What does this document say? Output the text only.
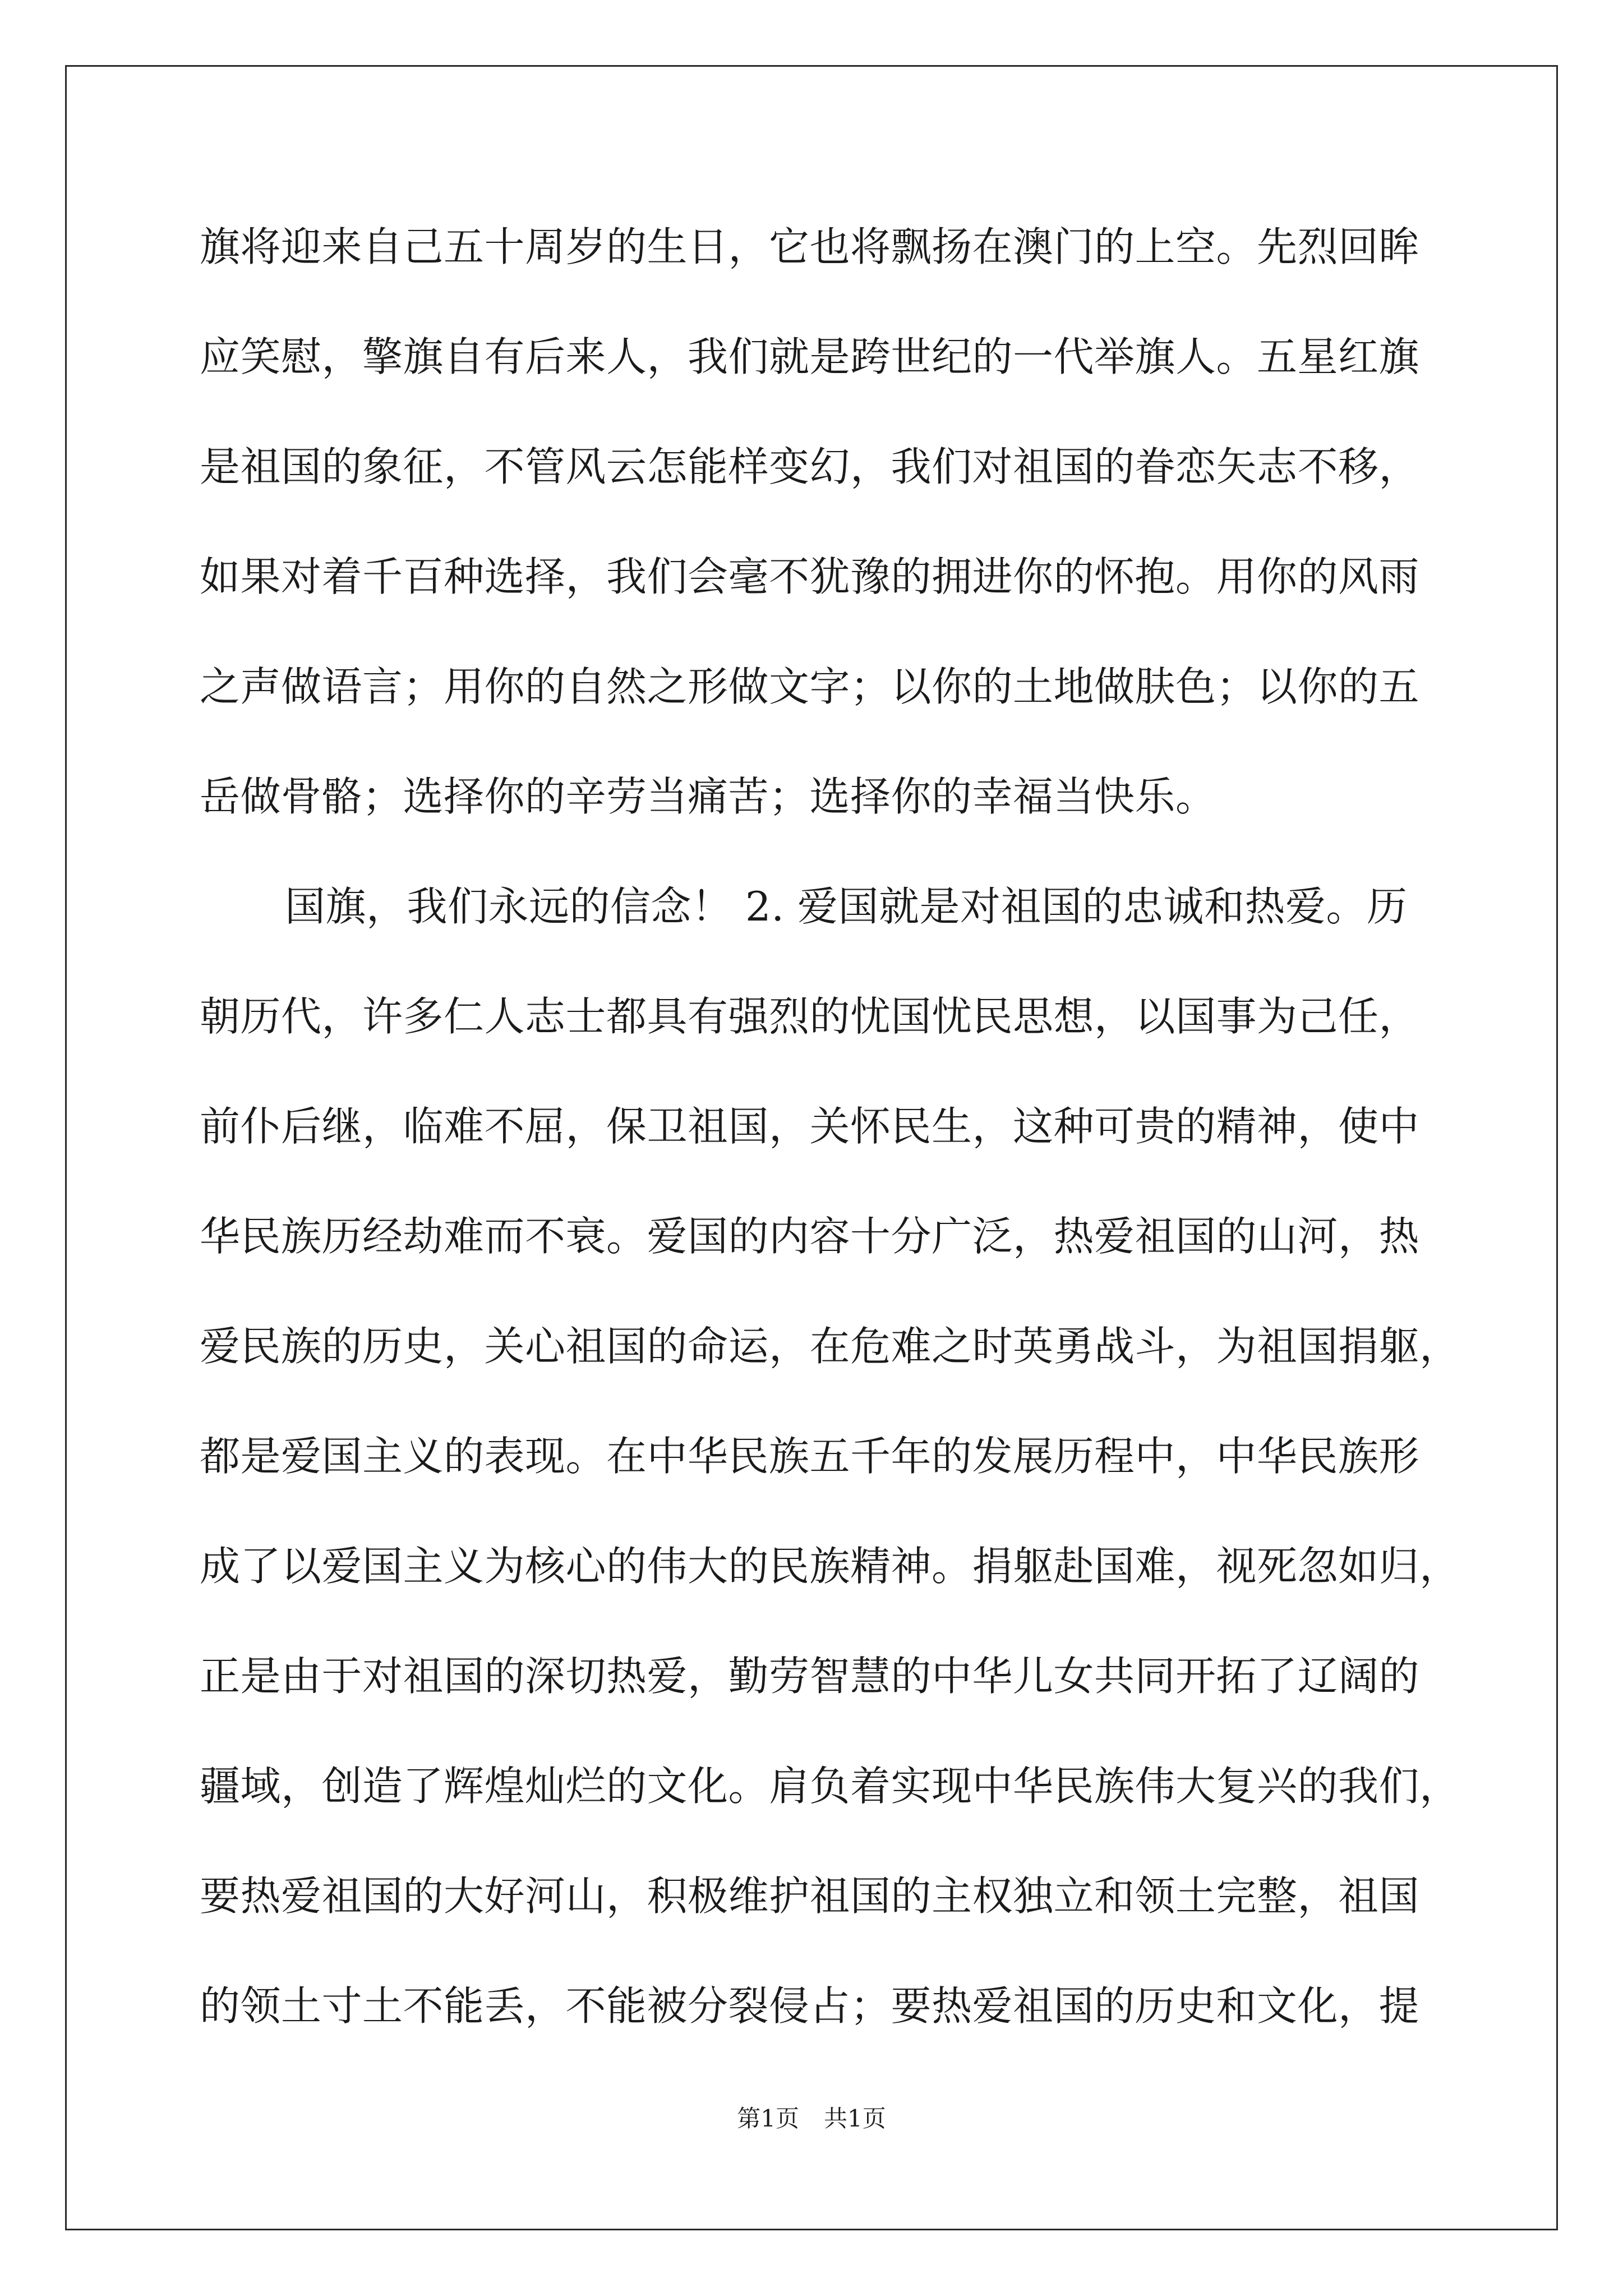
旗将迎来自己五十周岁的生日，它也将飘扬在澳门的上空。先烈回眸
应笑慰，擎旗自有后来人，我们就是跨世纪的一代举旗人。五星红旗
是祖国的象征，不管风云怎能样变幻，我们对祖国的眷恋矢志不移，
如果对着千百种选择，我们会毫不犹豫的拥进你的怀抱。用你的风雨
之声做语言；用你的自然之形做文字；以你的土地做肤色；以你的五
岳做骨骼；选择你的辛劳当痛苦；选择你的幸福当快乐。
国旗，我们永远的信念！ 2. 爱国就是对祖国的忠诚和热爱。历
朝历代，许多仁人志士都具有强烈的忧国忧民思想，以国事为己任，
前仆后继，临难不屈，保卫祖国，关怀民生，这种可贵的精神，使中
华民族历经劫难而不衰。爱国的内容十分广泛，热爱祖国的山河，热
爱民族的历史，关心祖国的命运，在危难之时英勇战斗，为祖国捐躯，
都是爱国主义的表现。在中华民族五千年的发展历程中，中华民族形
成了以爱国主义为核心的伟大的民族精神。捐躯赴国难，视死忽如归，
正是由于对祖国的深切热爱，勤劳智慧的中华儿女共同开拓了辽阔的
疆域，创造了辉煌灿烂的文化。肩负着实现中华民族伟大复兴的我们，
要热爱祖国的大好河山，积极维护祖国的主权独立和领土完整，祖国
的领土寸土不能丢，不能被分裂侵占；要热爱祖国的历史和文化，提
第1页 共1页
